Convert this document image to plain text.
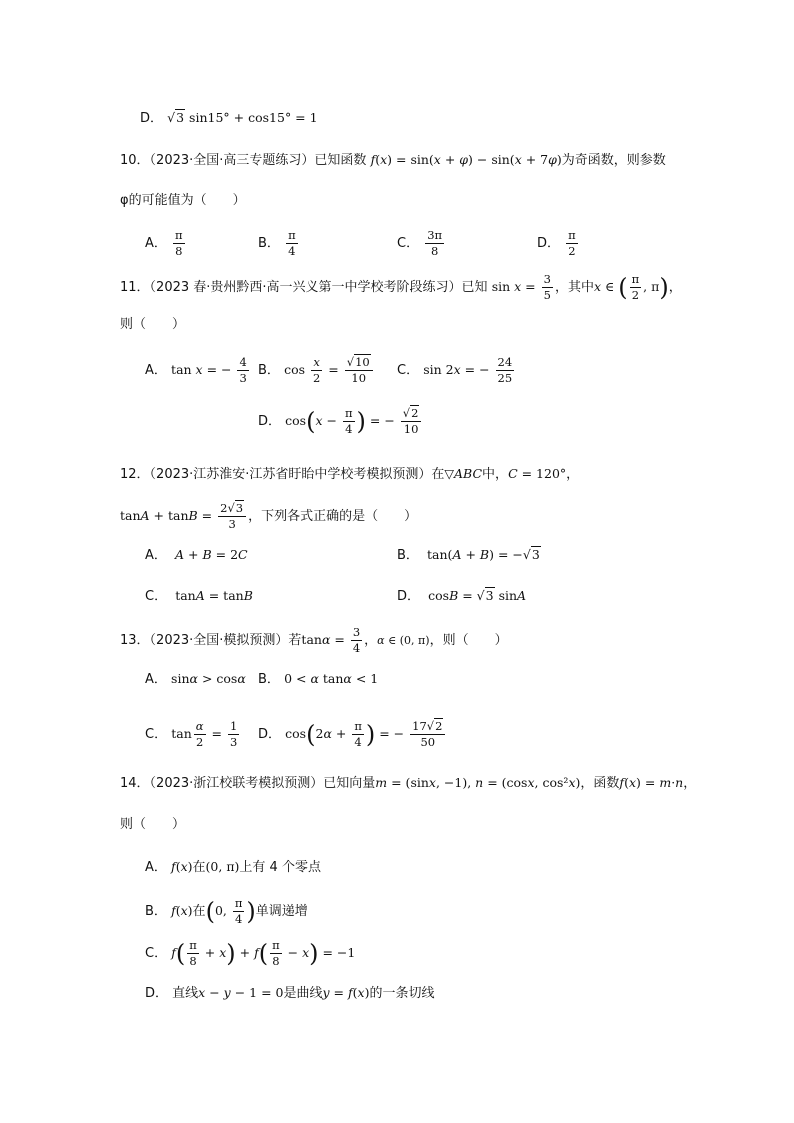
D． √3 sin15° + cos15° = 1
10．（2023·全国·高三专题练习）已知函数 f(x) = sin(x + φ) − sin(x + 7φ)为奇函数，则参数
φ的可能值为（　　）
A． $\frac{\pi}{8}$	B． $\frac{\pi}{4}$	C． $\frac{3\pi}{8}$	D． $\frac{\pi}{2}$
11．（2023 春·贵州黔西·高一兴义第一中学校考阶段练习）已知 $\sin x = \frac{3}{5}$ ，其中x ∈ ( $\frac{\pi}{2}$ , π)，
则（　　）
A． tan x = − $\frac{4}{3}$ B． $\cos \frac{x}{2} = \frac{√10}{10}$ C． sin 2x = − $\frac{24}{25}$
D． $\cos(x - \frac{\pi}{4}$ ) = − $\frac{√2}{10}$
12．（2023·江苏淮安·江苏省盱眙中学校考模拟预测）在▽ABC中，C = 120°，
$\tan A + \tan B = \frac{2√3}{3}$ ，下列各式正确的是（　　）
A． A + B = 2C	B．  tan(A + B) = −√3
C．  tanA = tanB	D．  cosB = √3 sinA
13．（2023·全国·模拟预测）若$\tan\alpha = \frac{3}{4}$ ，α ∈ (0, π)，则（　　）
A． sinα > cosα B． 0 < α tanα < 1
C． $\tan \frac{\alpha}{2} = \frac{1}{3}$ D． $\cos(2\alpha + \frac{\pi}{4}$ ) = − $\frac{17√2}{50}$
14．（2023·浙江校联考模拟预测）已知向量m = (sinx, −1), n = (cosx, cos²x)，函数f(x) = m·n，
则（　　）
A． f(x)在(0, π)上有 4 个零点
B． f(x)在(0, $\frac{\pi}{4}$ )单调递增
C． $f( \frac{\pi}{8} + x) + f( \frac{\pi}{8} - x) = -1$
D． 直线x − y − 1 = 0是曲线y = f(x)的一条切线
